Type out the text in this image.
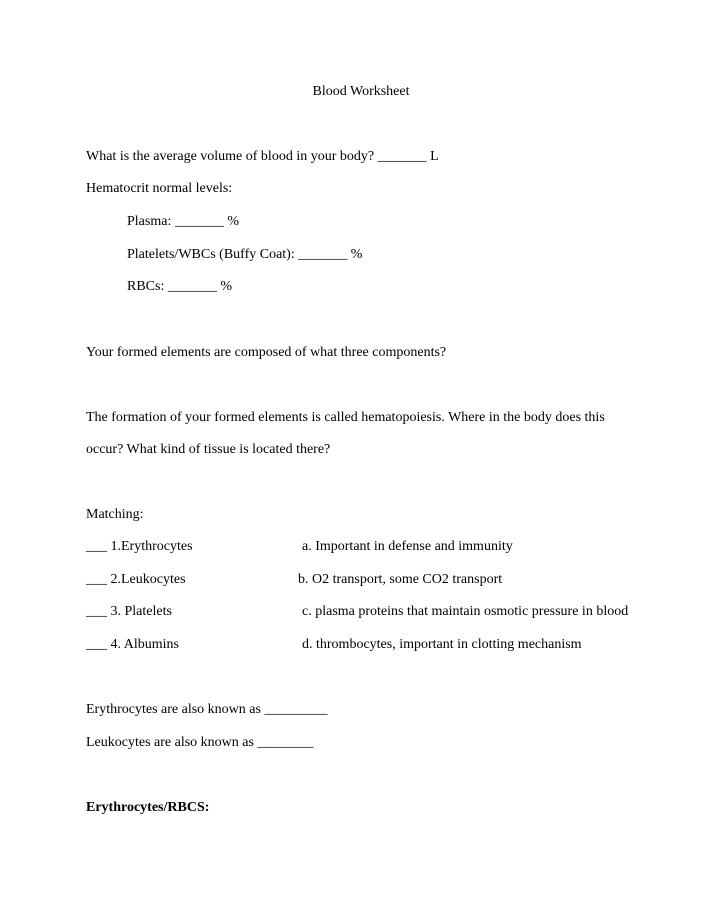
Blood Worksheet
What is the average volume of blood in your body? _______ L
Hematocrit normal levels:
Plasma: _______ %
Platelets/WBCs (Buffy Coat): _______ %
RBCs: _______ %
Your formed elements are composed of what three components?
The formation of your formed elements is called hematopoiesis. Where in the body does this
occur? What kind of tissue is located there?
Matching:
___ 1.Erythrocytes	a. Important in defense and immunity
___ 2.Leukocytes	b. O2 transport, some CO2 transport
___ 3. Platelets	c. plasma proteins that maintain osmotic pressure in blood
___ 4. Albumins	d. thrombocytes, important in clotting mechanism
Erythrocytes are also known as _________
Leukocytes are also known as ________
Erythrocytes/RBCS:
